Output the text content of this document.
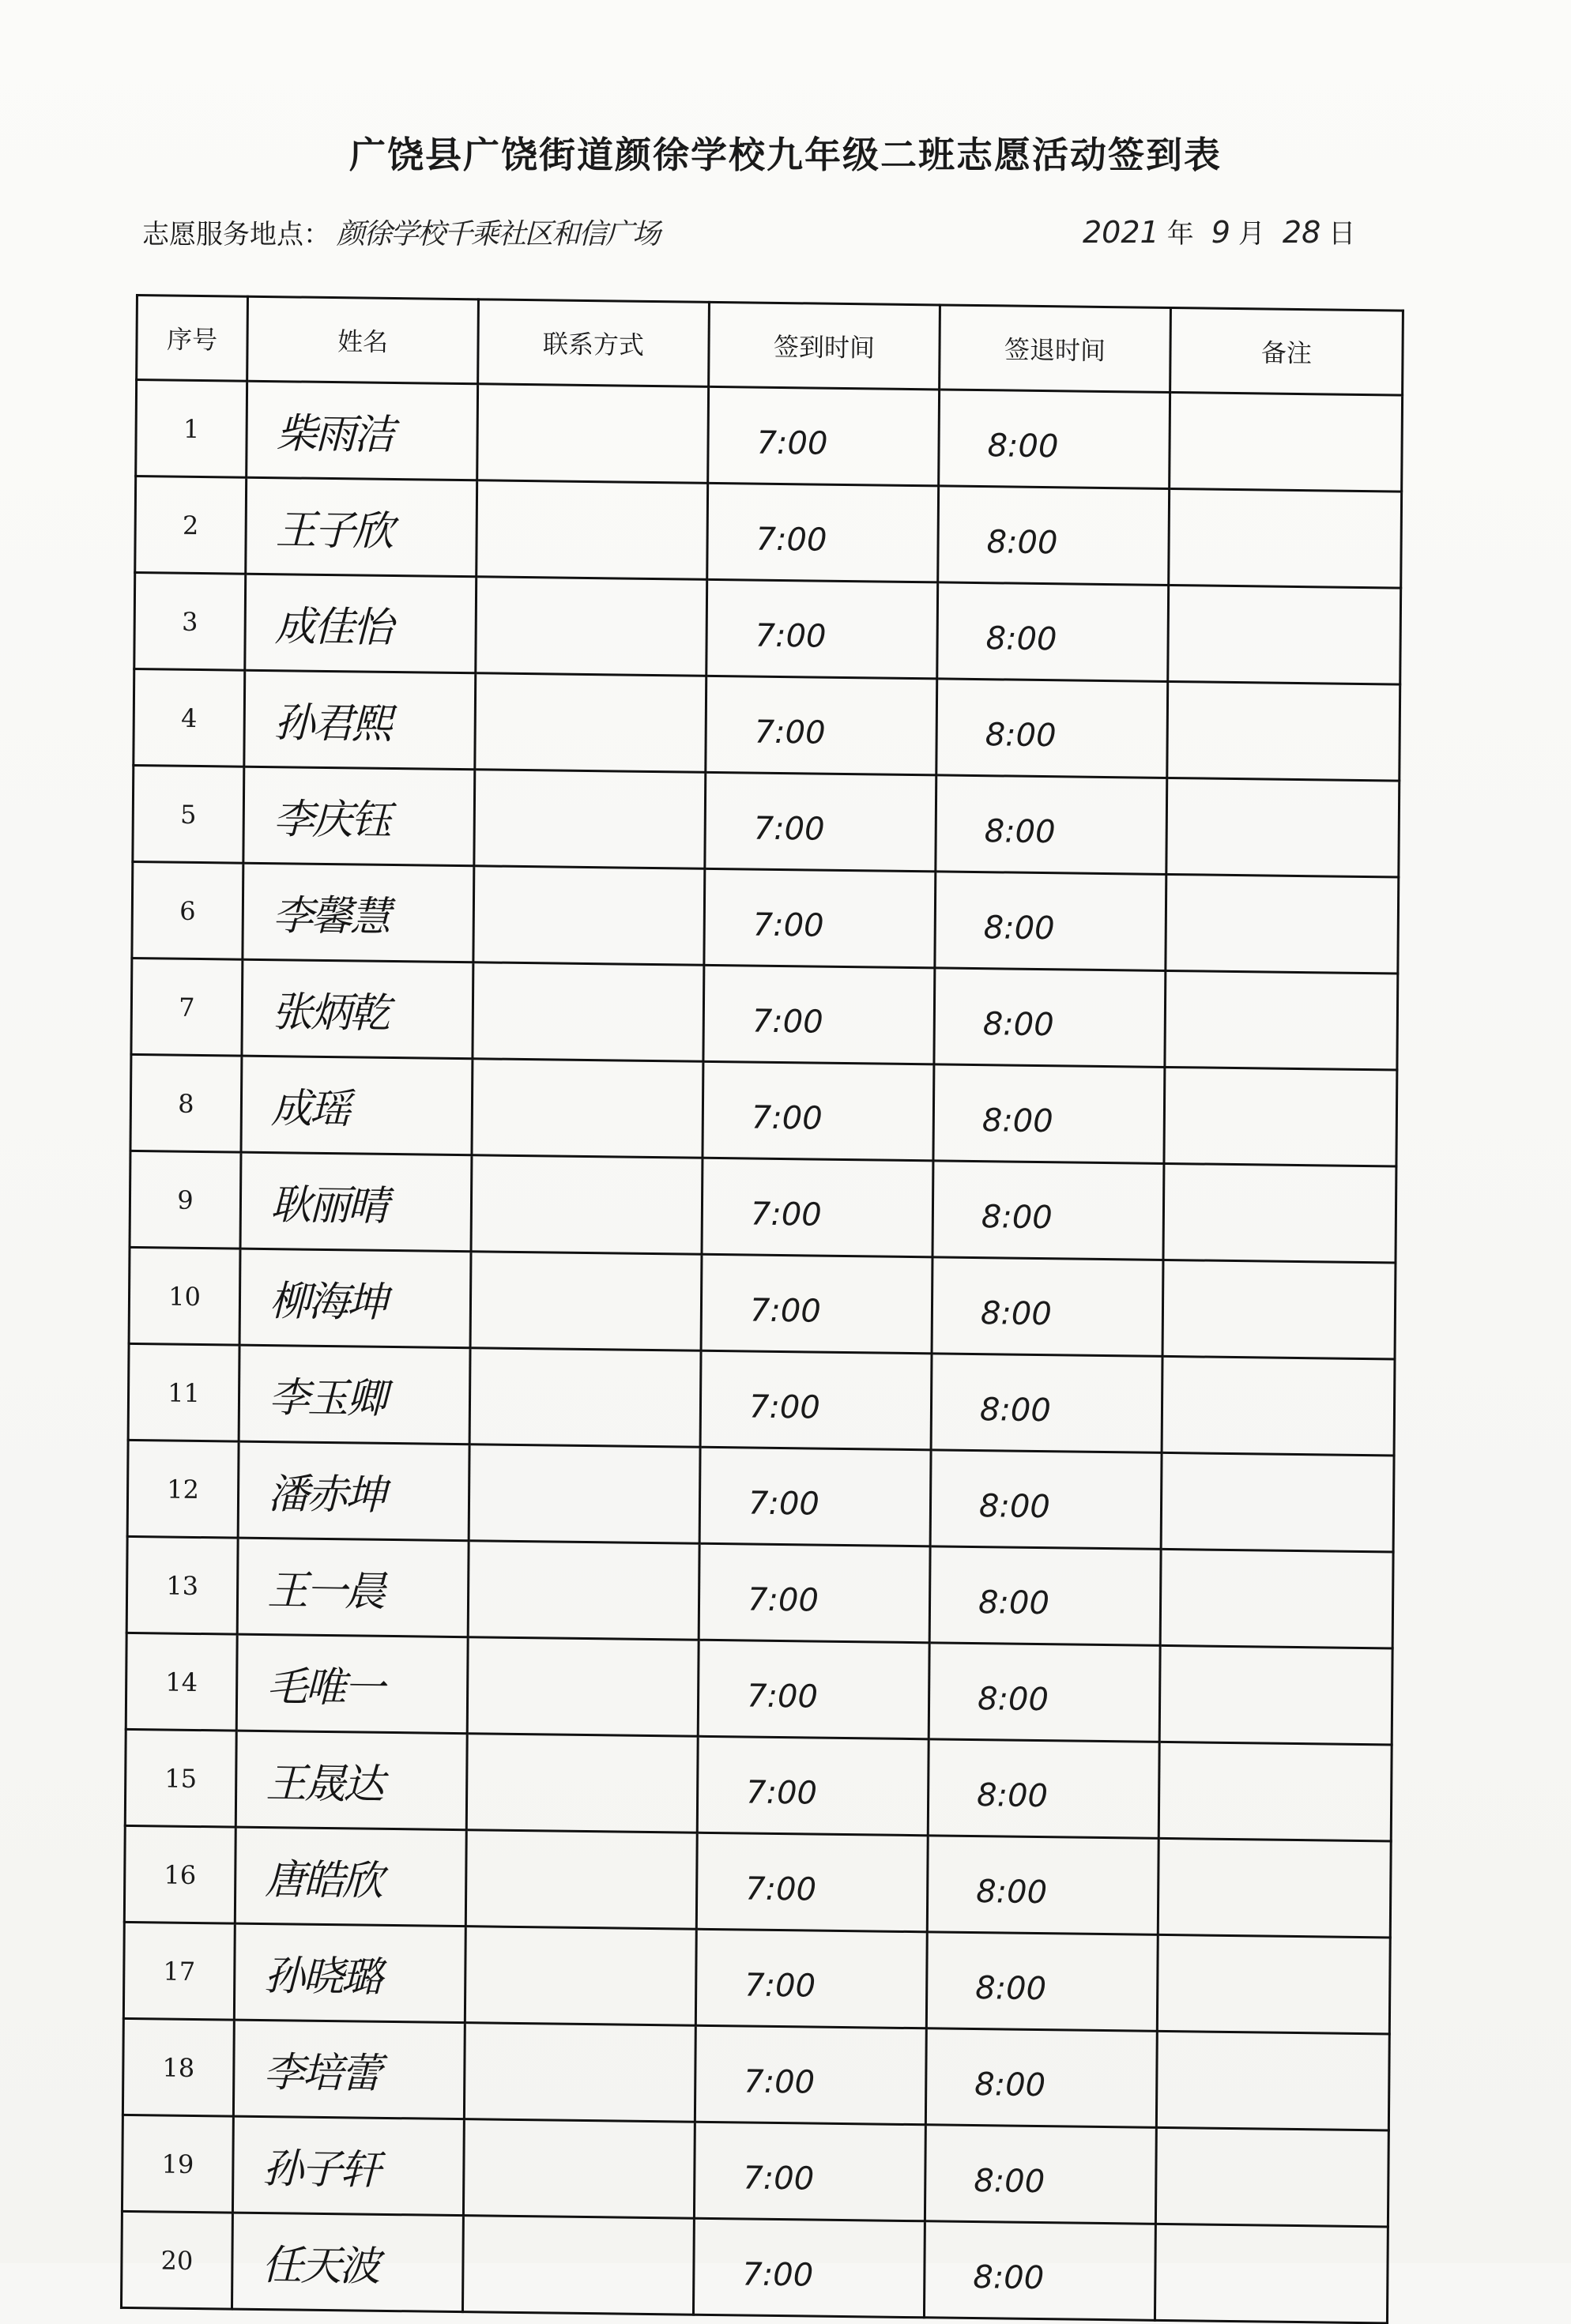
广饶县广饶街道颜徐学校九年级二班志愿活动签到表
志愿服务地点： 颜徐学校千乘社区和信广场	2021 年 9 月 28 日
序号	姓名	联系方式	签到时间	签退时间	备注
1	柴雨洁		7:00	8:00	
2	王子欣		7:00	8:00	
3	成佳怡		7:00	8:00	
4	孙君熙		7:00	8:00	
5	李庆钰		7:00	8:00	
6	李馨慧		7:00	8:00	
7	张炳乾		7:00	8:00	
8	成瑶		7:00	8:00	
9	耿丽晴		7:00	8:00	
10	柳海坤		7:00	8:00	
11	李玉卿		7:00	8:00	
12	潘赤坤		7:00	8:00	
13	王一晨		7:00	8:00	
14	毛唯一		7:00	8:00	
15	王晟达		7:00	8:00	
16	唐皓欣		7:00	8:00	
17	孙晓璐		7:00	8:00	
18	李培蕾		7:00	8:00	
19	孙子轩		7:00	8:00	
20	任天波		7:00	8:00	
